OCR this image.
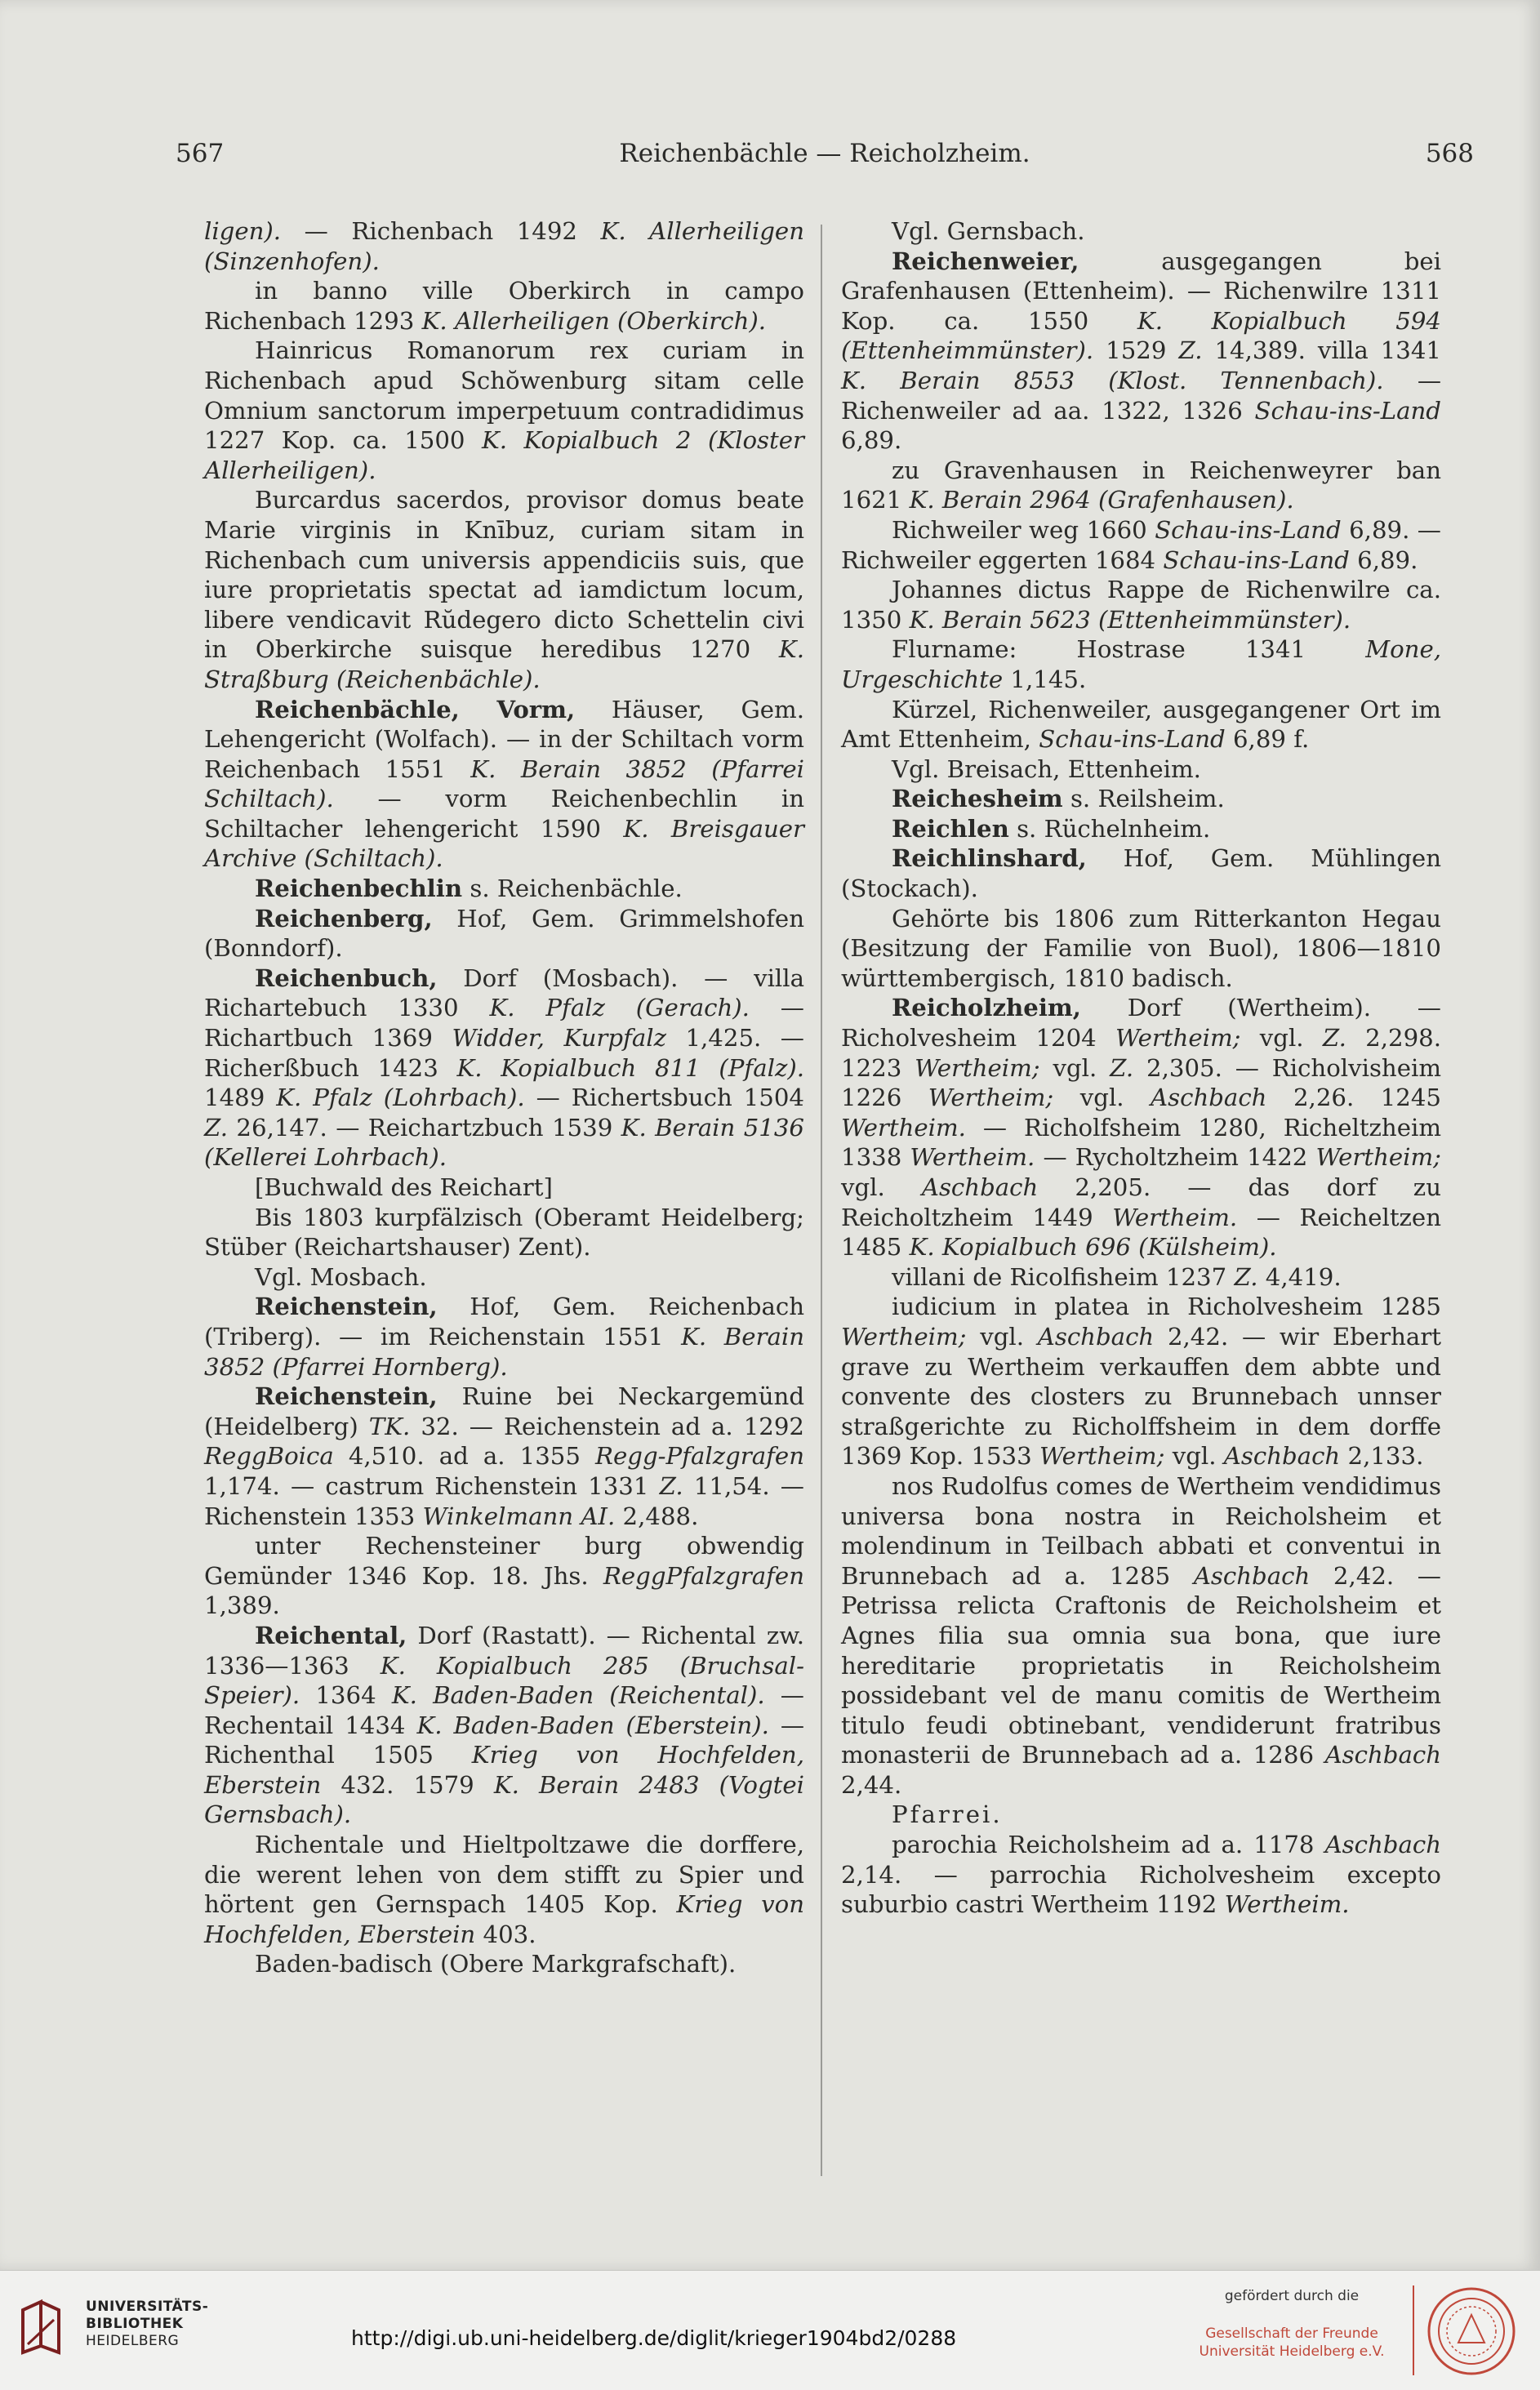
567	Reichenbächle — Reicholzheim.	568

ligen). — Richenbach 1492 K. Allerheiligen (Sinzenhofen).

in banno ville Oberkirch in campo Richenbach 1293 K. Allerheiligen (Oberkirch).

Hainricus Romanorum rex curiam in Richenbach apud Schŏwenburg sitam celle Omnium sanctorum imperpetuum contradidimus 1227 Kop. ca. 1500 K. Kopialbuch 2 (Kloster Allerheiligen).

Burcardus sacerdos, provisor domus beate Marie virginis in Knībuz, curiam sitam in Richenbach cum universis appendiciis suis, que iure proprietatis spectat ad iamdictum locum, libere vendicavit Rŭdegero dicto Schettelin civi in Oberkirche suisque heredibus 1270 K. Straßburg (Reichenbächle).

Reichenbächle, Vorm, Häuser, Gem. Lehengericht (Wolfach). — in der Schiltach vorm Reichenbach 1551 K. Berain 3852 (Pfarrei Schiltach). — vorm Reichenbechlin in Schiltacher lehengericht 1590 K. Breisgauer Archive (Schiltach).

Reichenbechlin s. Reichenbächle.

Reichenberg, Hof, Gem. Grimmelshofen (Bonndorf).

Reichenbuch, Dorf (Mosbach). — villa Richartebuch 1330 K. Pfalz (Gerach). — Richartbuch 1369 Widder, Kurpfalz 1,425. — Richerßbuch 1423 K. Kopialbuch 811 (Pfalz). 1489 K. Pfalz (Lohrbach). — Richertsbuch 1504 Z. 26,147. — Reichartzbuch 1539 K. Berain 5136 (Kellerei Lohrbach).

[Buchwald des Reichart]

Bis 1803 kurpfälzisch (Oberamt Heidelberg; Stüber (Reichartshauser) Zent).

Vgl. Mosbach.

Reichenstein, Hof, Gem. Reichenbach (Triberg). — im Reichenstain 1551 K. Berain 3852 (Pfarrei Hornberg).

Reichenstein, Ruine bei Neckargemünd (Heidelberg) TK. 32. — Reichenstein ad a. 1292 ReggBoica 4,510. ad a. 1355 Regg-Pfalzgrafen 1,174. — castrum Richenstein 1331 Z. 11,54. — Richenstein 1353 Winkelmann AI. 2,488.

unter Rechensteiner burg obwendig Gemünder 1346 Kop. 18. Jhs. ReggPfalzgrafen 1,389.

Reichental, Dorf (Rastatt). — Richental zw. 1336—1363 K. Kopialbuch 285 (Bruchsal-Speier). 1364 K. Baden-Baden (Reichental). — Rechentail 1434 K. Baden-Baden (Eberstein). — Richenthal 1505 Krieg von Hochfelden, Eberstein 432. 1579 K. Berain 2483 (Vogtei Gernsbach).

Richentale und Hieltpoltzawe die dorffere, die werent lehen von dem stifft zu Spier und hörtent gen Gernspach 1405 Kop. Krieg von Hochfelden, Eberstein 403.

Baden-badisch (Obere Markgrafschaft).

Vgl. Gernsbach.

Reichenweier, ausgegangen bei Grafenhausen (Ettenheim). — Richenwilre 1311 Kop. ca. 1550 K. Kopialbuch 594 (Ettenheimmünster). 1529 Z. 14,389. villa 1341 K. Berain 8553 (Klost. Tennenbach). — Richenweiler ad aa. 1322, 1326 Schau-ins-Land 6,89.

zu Gravenhausen in Reichenweyrer ban 1621 K. Berain 2964 (Grafenhausen).

Richweiler weg 1660 Schau-ins-Land 6,89. — Richweiler eggerten 1684 Schau-ins-Land 6,89.

Johannes dictus Rappe de Richenwilre ca. 1350 K. Berain 5623 (Ettenheimmünster).

Flurname: Hostrase 1341 Mone, Urgeschichte 1,145.

Kürzel, Richenweiler, ausgegangener Ort im Amt Ettenheim, Schau-ins-Land 6,89 f.

Vgl. Breisach, Ettenheim.

Reichesheim s. Reilsheim.

Reichlen s. Rüchelnheim.

Reichlinshard, Hof, Gem. Mühlingen (Stockach).

Gehörte bis 1806 zum Ritterkanton Hegau (Besitzung der Familie von Buol), 1806—1810 württembergisch, 1810 badisch.

Reicholzheim, Dorf (Wertheim). — Richolvesheim 1204 Wertheim; vgl. Z. 2,298. 1223 Wertheim; vgl. Z. 2,305. — Richolvisheim 1226 Wertheim; vgl. Aschbach 2,26. 1245 Wertheim. — Richolfsheim 1280, Richeltzheim 1338 Wertheim. — Rycholtzheim 1422 Wertheim; vgl. Aschbach 2,205. — das dorf zu Reicholtzheim 1449 Wertheim. — Reicheltzen 1485 K. Kopialbuch 696 (Külsheim).

villani de Ricolfisheim 1237 Z. 4,419.

iudicium in platea in Richolvesheim 1285 Wertheim; vgl. Aschbach 2,42. — wir Eberhart grave zu Wertheim verkauffen dem abbte und convente des closters zu Brunnebach unnser straßgerichte zu Richolffsheim in dem dorffe 1369 Kop. 1533 Wertheim; vgl. Aschbach 2,133.

nos Rudolfus comes de Wertheim vendidimus universa bona nostra in Reicholsheim et molendinum in Teilbach abbati et conventui in Brunnebach ad a. 1285 Aschbach 2,42. — Petrissa relicta Craftonis de Reicholsheim et Agnes filia sua omnia sua bona, que iure hereditarie proprietatis in Reicholsheim possidebant vel de manu comitis de Wertheim titulo feudi obtinebant, vendiderunt fratribus monasterii de Brunnebach ad a. 1286 Aschbach 2,44.

Pfarrei.

parochia Reicholsheim ad a. 1178 Aschbach 2,14. — parrochia Richolvesheim excepto suburbio castri Wertheim 1192 Wertheim.

UNIVERSITÄTS-
BIBLIOTHEK
HEIDELBERG	http://digi.ub.uni-heidelberg.de/diglit/krieger1904bd2/0288
gefördert durch die
Gesellschaft der Freunde
Universität Heidelberg e.V.
